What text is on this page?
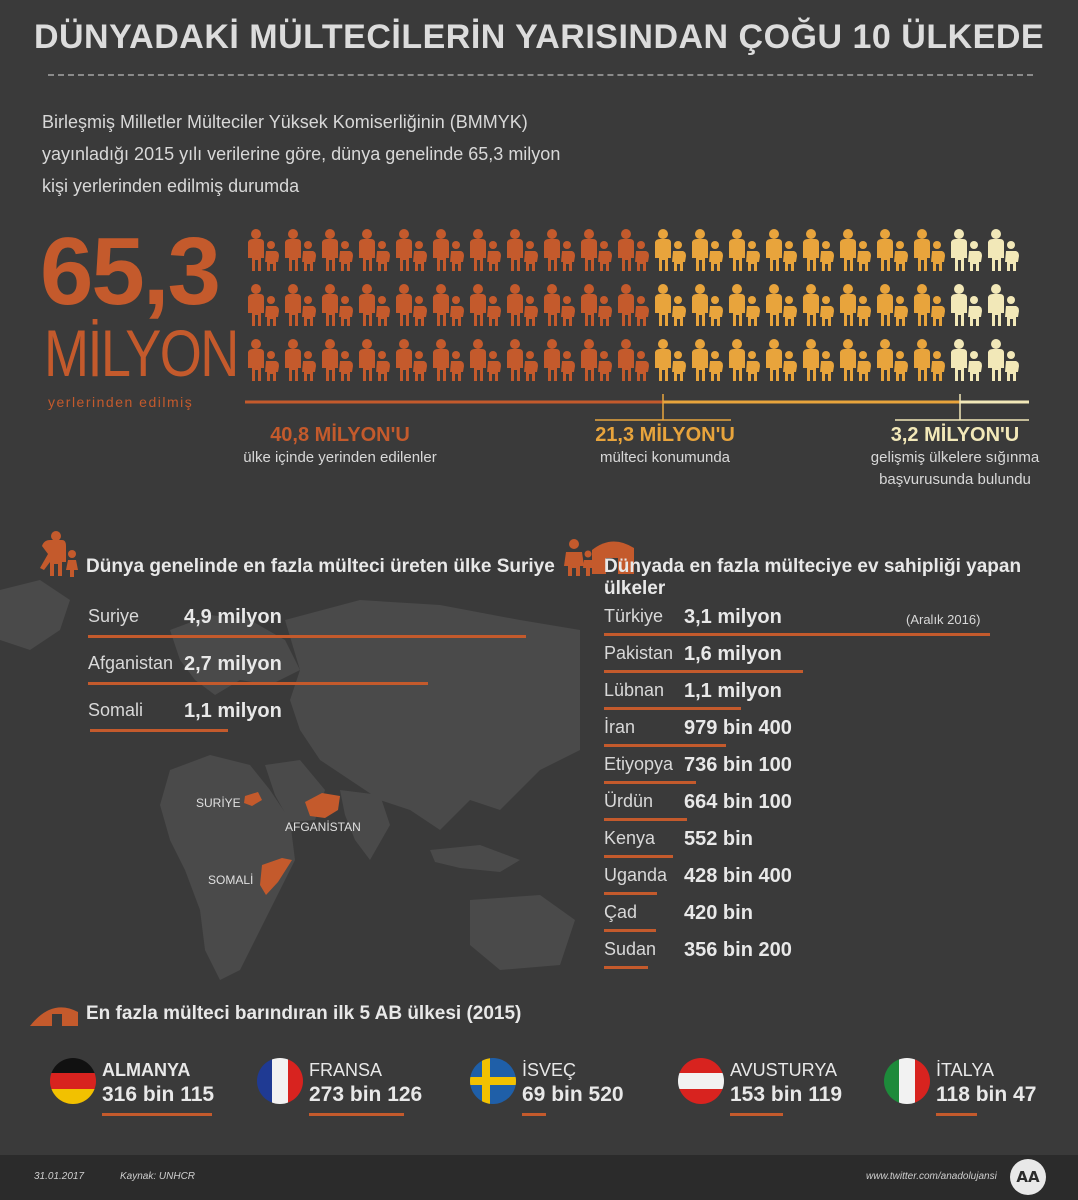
DÜNYADAKİ MÜLTECİLERİN YARISINDAN ÇOĞU 10 ÜLKEDE
Birleşmiş Milletler Mülteciler Yüksek Komiserliğinin (BMMYK)
yayınladığı 2015 yılı verilerine göre, dünya genelinde 65,3 milyon
kişi yerlerinden edilmiş durumda
65,3
MİLYON
yerlerinden edilmiş
40,8 MİLYON'U
ülke içinde yerinden edilenler
21,3 MİLYON'U
mülteci konumunda
3,2 MİLYON'U
gelişmiş ülkelere sığınma
başvurusunda bulundu
Dünya genelinde en fazla mülteci üreten ülke Suriye
Suriye 4,9 milyon
Afganistan 2,7 milyon
Somali 1,1 milyon
SURİYE
AFGANİSTAN
SOMALİ
Dünyada en fazla mülteciye ev sahipliği yapan ülkeler
(Aralık 2016)
Türkiye 3,1 milyon
Pakistan 1,6 milyon
Lübnan 1,1 milyon
İran 979 bin 400
Etiyopya 736 bin 100
Ürdün 664 bin 100
Kenya 552 bin
Uganda 428 bin 400
Çad 420 bin
Sudan 356 bin 200
En fazla mülteci barındıran ilk 5 AB ülkesi (2015)
ALMANYA
316 bin 115
FRANSA
273 bin 126
İSVEÇ
69 bin 520
AVUSTURYA
153 bin 119
İTALYA
118 bin 47
31.01.2017	Kaynak: UNHCR	www.twitter.com/anadolujansi	AA
